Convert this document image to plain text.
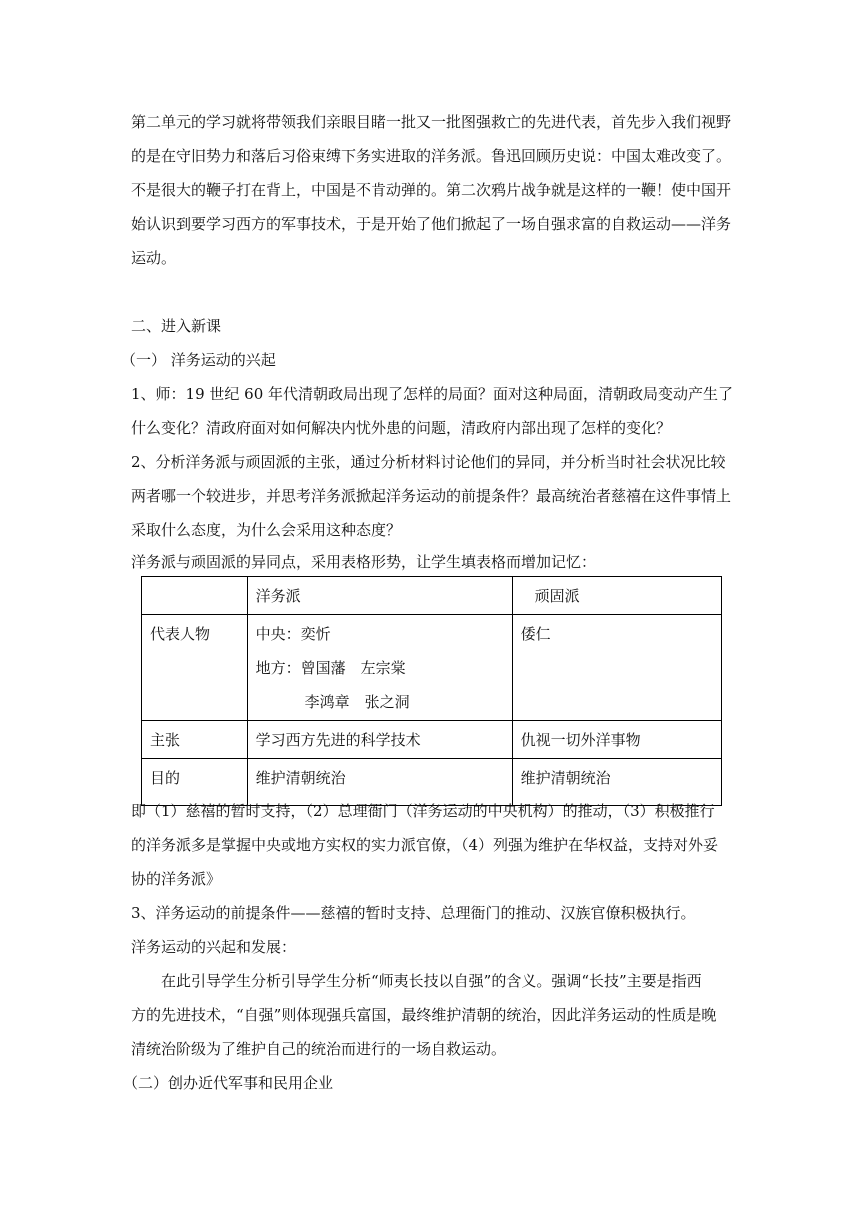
第二单元的学习就将带领我们亲眼目睹一批又一批图强救亡的先进代表，首先步入我们视野
的是在守旧势力和落后习俗束缚下务实进取的洋务派。鲁迅回顾历史说：中国太难改变了。
不是很大的鞭子打在背上，中国是不肯动弹的。第二次鸦片战争就是这样的一鞭！使中国开
始认识到要学习西方的军事技术，于是开始了他们掀起了一场自强求富的自救运动——洋务
运动。
二、进入新课
（一） 洋务运动的兴起
1、师：19 世纪 60 年代清朝政局出现了怎样的局面？面对这种局面，清朝政局变动产生了
什么变化？清政府面对如何解决内忧外患的问题，清政府内部出现了怎样的变化？
2、分析洋务派与顽固派的主张，通过分析材料讨论他们的异同，并分析当时社会状况比较
两者哪一个较进步，并思考洋务派掀起洋务运动的前提条件？最高统治者慈禧在这件事情上
采取什么态度，为什么会采用这种态度？
洋务派与顽固派的异同点，采用表格形势，让学生填表格而增加记忆：
	洋务派	顽固派
代表人物	中央：奕忻
地方：曾国藩　左宗棠
李鸿章　张之洞	倭仁
主张	学习西方先进的科学技术	仇视一切外洋事物
目的	维护清朝统治	维护清朝统治
即（1）慈禧的暂时支持，（2）总理衙门（洋务运动的中央机构）的推动，（3）积极推行
的洋务派多是掌握中央或地方实权的实力派官僚，（4）列强为维护在华权益，支持对外妥
协的洋务派》
3、洋务运动的前提条件——慈禧的暂时支持、总理衙门的推动、汉族官僚积极执行。
洋务运动的兴起和发展：
在此引导学生分析引导学生分析“师夷长技以自强”的含义。强调“长技”主要是指西
方的先进技术，“自强”则体现强兵富国，最终维护清朝的统治，因此洋务运动的性质是晚
清统治阶级为了维护自己的统治而进行的一场自救运动。
（二）创办近代军事和民用企业
